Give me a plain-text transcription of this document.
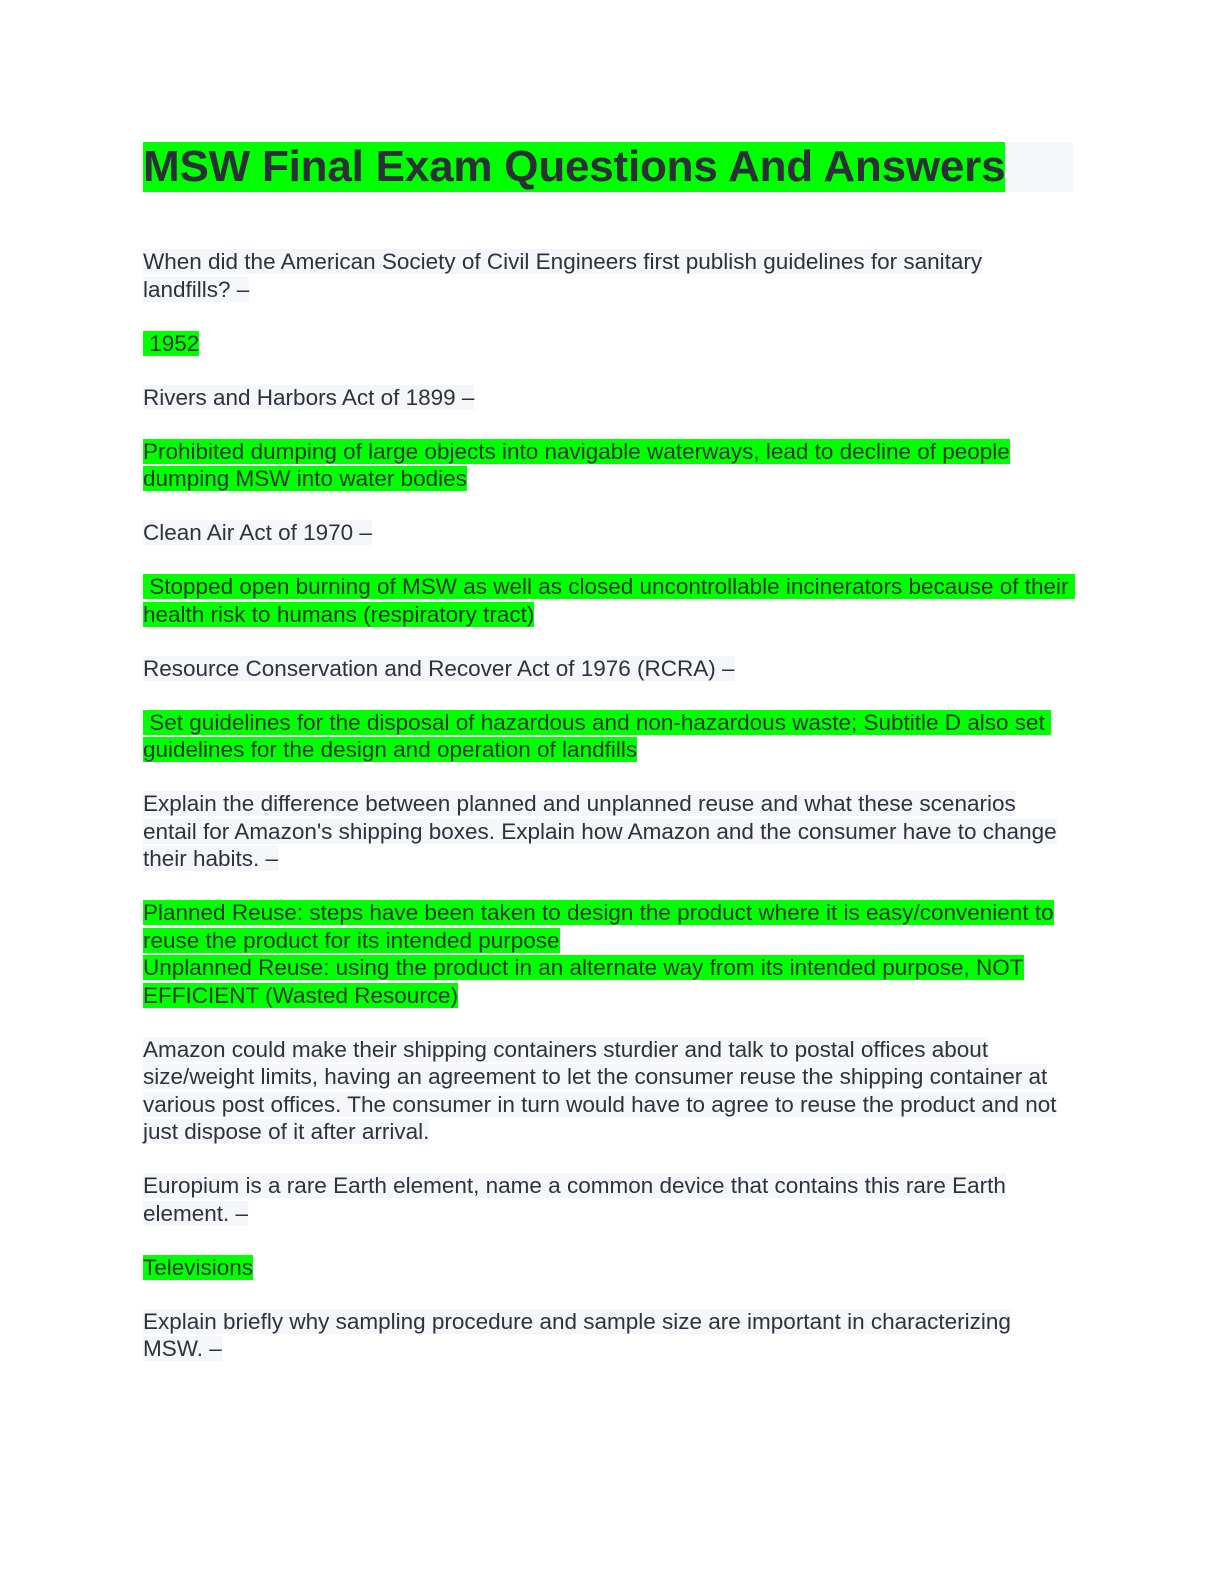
MSW Final Exam Questions And Answers

When did the American Society of Civil Engineers first publish guidelines for sanitary landfills? –

1952

Rivers and Harbors Act of 1899 –

Prohibited dumping of large objects into navigable waterways, lead to decline of people dumping MSW into water bodies

Clean Air Act of 1970 –

Stopped open burning of MSW as well as closed uncontrollable incinerators because of their health risk to humans (respiratory tract)

Resource Conservation and Recover Act of 1976 (RCRA) –

Set guidelines for the disposal of hazardous and non-hazardous waste; Subtitle D also set guidelines for the design and operation of landfills

Explain the difference between planned and unplanned reuse and what these scenarios entail for Amazon's shipping boxes. Explain how Amazon and the consumer have to change their habits. –

Planned Reuse: steps have been taken to design the product where it is easy/convenient to reuse the product for its intended purpose
Unplanned Reuse: using the product in an alternate way from its intended purpose, NOT EFFICIENT (Wasted Resource)

Amazon could make their shipping containers sturdier and talk to postal offices about size/weight limits, having an agreement to let the consumer reuse the shipping container at various post offices. The consumer in turn would have to agree to reuse the product and not just dispose of it after arrival.

Europium is a rare Earth element, name a common device that contains this rare Earth element. –

Televisions

Explain briefly why sampling procedure and sample size are important in characterizing MSW. –
